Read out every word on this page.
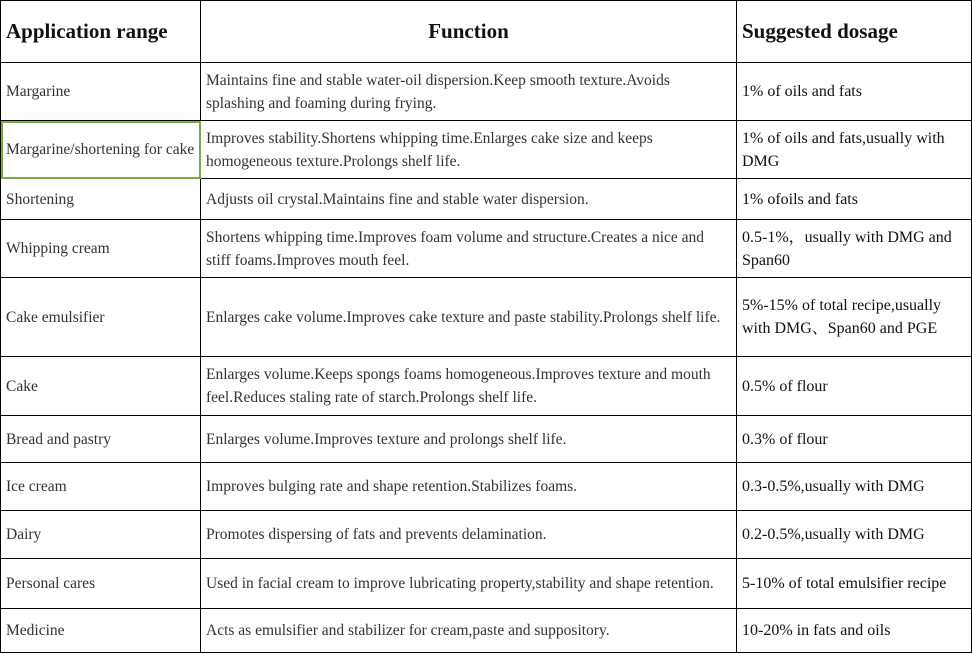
Application range	Function	Suggested dosage
Margarine	Maintains fine and stable water-oil dispersion.Keep smooth texture.Avoids splashing and foaming during frying.	1% of oils and fats
Margarine/shortening for cake	Improves stability.Shortens whipping time.Enlarges cake size and keeps homogeneous texture.Prolongs shelf life.	1% of oils and fats,usually with DMG
Shortening	Adjusts oil crystal.Maintains fine and stable water dispersion.	1% ofoils and fats
Whipping cream	Shortens whipping time.Improves foam volume and structure.Creates a nice and stiff foams.Improves mouth feel.	0.5-1%，usually with DMG and Span60
Cake emulsifier	Enlarges cake volume.Improves cake texture and paste stability.Prolongs shelf life.	5%-15% of total recipe,usually with DMG、Span60 and PGE
Cake	Enlarges volume.Keeps spongs foams homogeneous.Improves texture and mouth feel.Reduces staling rate of starch.Prolongs shelf life.	0.5% of flour
Bread and pastry	Enlarges volume.Improves texture and prolongs shelf life.	0.3% of flour
Ice cream	Improves bulging rate and shape retention.Stabilizes foams.	0.3-0.5%,usually with DMG
Dairy	Promotes dispersing of fats and prevents delamination.	0.2-0.5%,usually with DMG
Personal cares	Used in facial cream to improve lubricating property,stability and shape retention.	5-10% of total emulsifier recipe
Medicine	Acts as emulsifier and stabilizer for cream,paste and suppository.	10-20% in fats and oils
